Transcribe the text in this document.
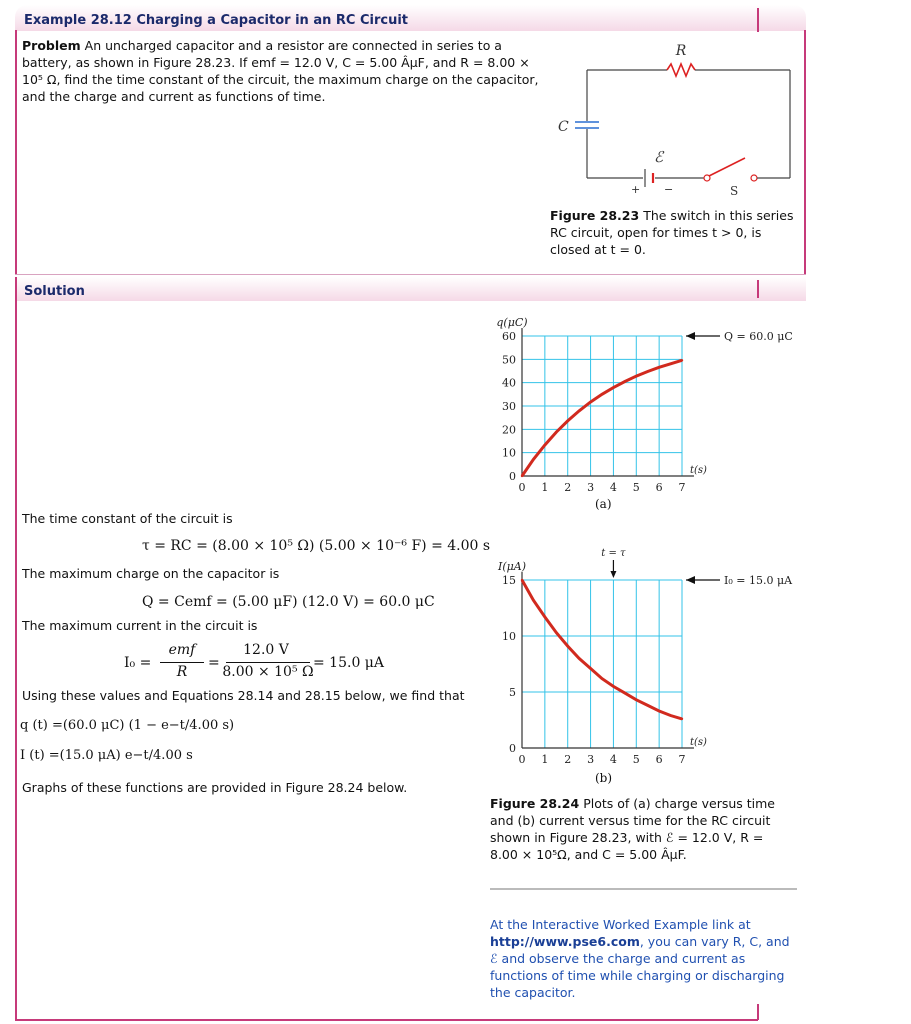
Example 28.12 Charging a Capacitor in an RC Circuit
Problem An uncharged capacitor and a resistor are connected in series to a battery, as shown in Figure 28.23. If emf = 12.0 V, C = 5.00 ÂµF, and R = 8.00 × 10⁵ Ω, find the time constant of the circuit, the maximum charge on the capacitor, and the charge and current as functions of time.
R
C
ℰ
+ −	S
Figure 28.23 The switch in this series RC circuit, open for times t > 0, is closed at t = 0.
Solution
The time constant of the circuit is
τ = RC = (8.00 × 10⁵ Ω) (5.00 × 10⁻⁶ F) = 4.00 s
The maximum charge on the capacitor is
Q = Cemf = (5.00 μF) (12.0 V) = 60.0 μC
The maximum current in the circuit is
I₀ =
emf
R
=
12.0 V
8.00 × 10⁵ Ω
= 15.0 μA
Using these values and Equations 28.14 and 28.15 below, we find that
q (t) =(60.0 μC) (1 − e−t/4.00 s)
I (t) =(15.0 μA) e−t/4.00 s
Graphs of these functions are provided in Figure 28.24 below.
0 1 2 3 4 5 6 7
0
10
20
30
40
50
60
q(μC)
t(s)
Q = 60.0 μC
0 1 2 3 4 5 6 7
0
5
10
15
I(μA)
t(s)
I₀ = 15.0 μA
t = τ
(a)
(b)
Figure 28.24 Plots of (a) charge versus time and (b) current versus time for the RC circuit shown in Figure 28.23, with ℰ = 12.0 V, R = 8.00 × 10⁵Ω, and C = 5.00 ÂµF.
At the Interactive Worked Example link at http://www.pse6.com, you can vary R, C, and ℰ and observe the charge and current as functions of time while charging or discharging the capacitor.
